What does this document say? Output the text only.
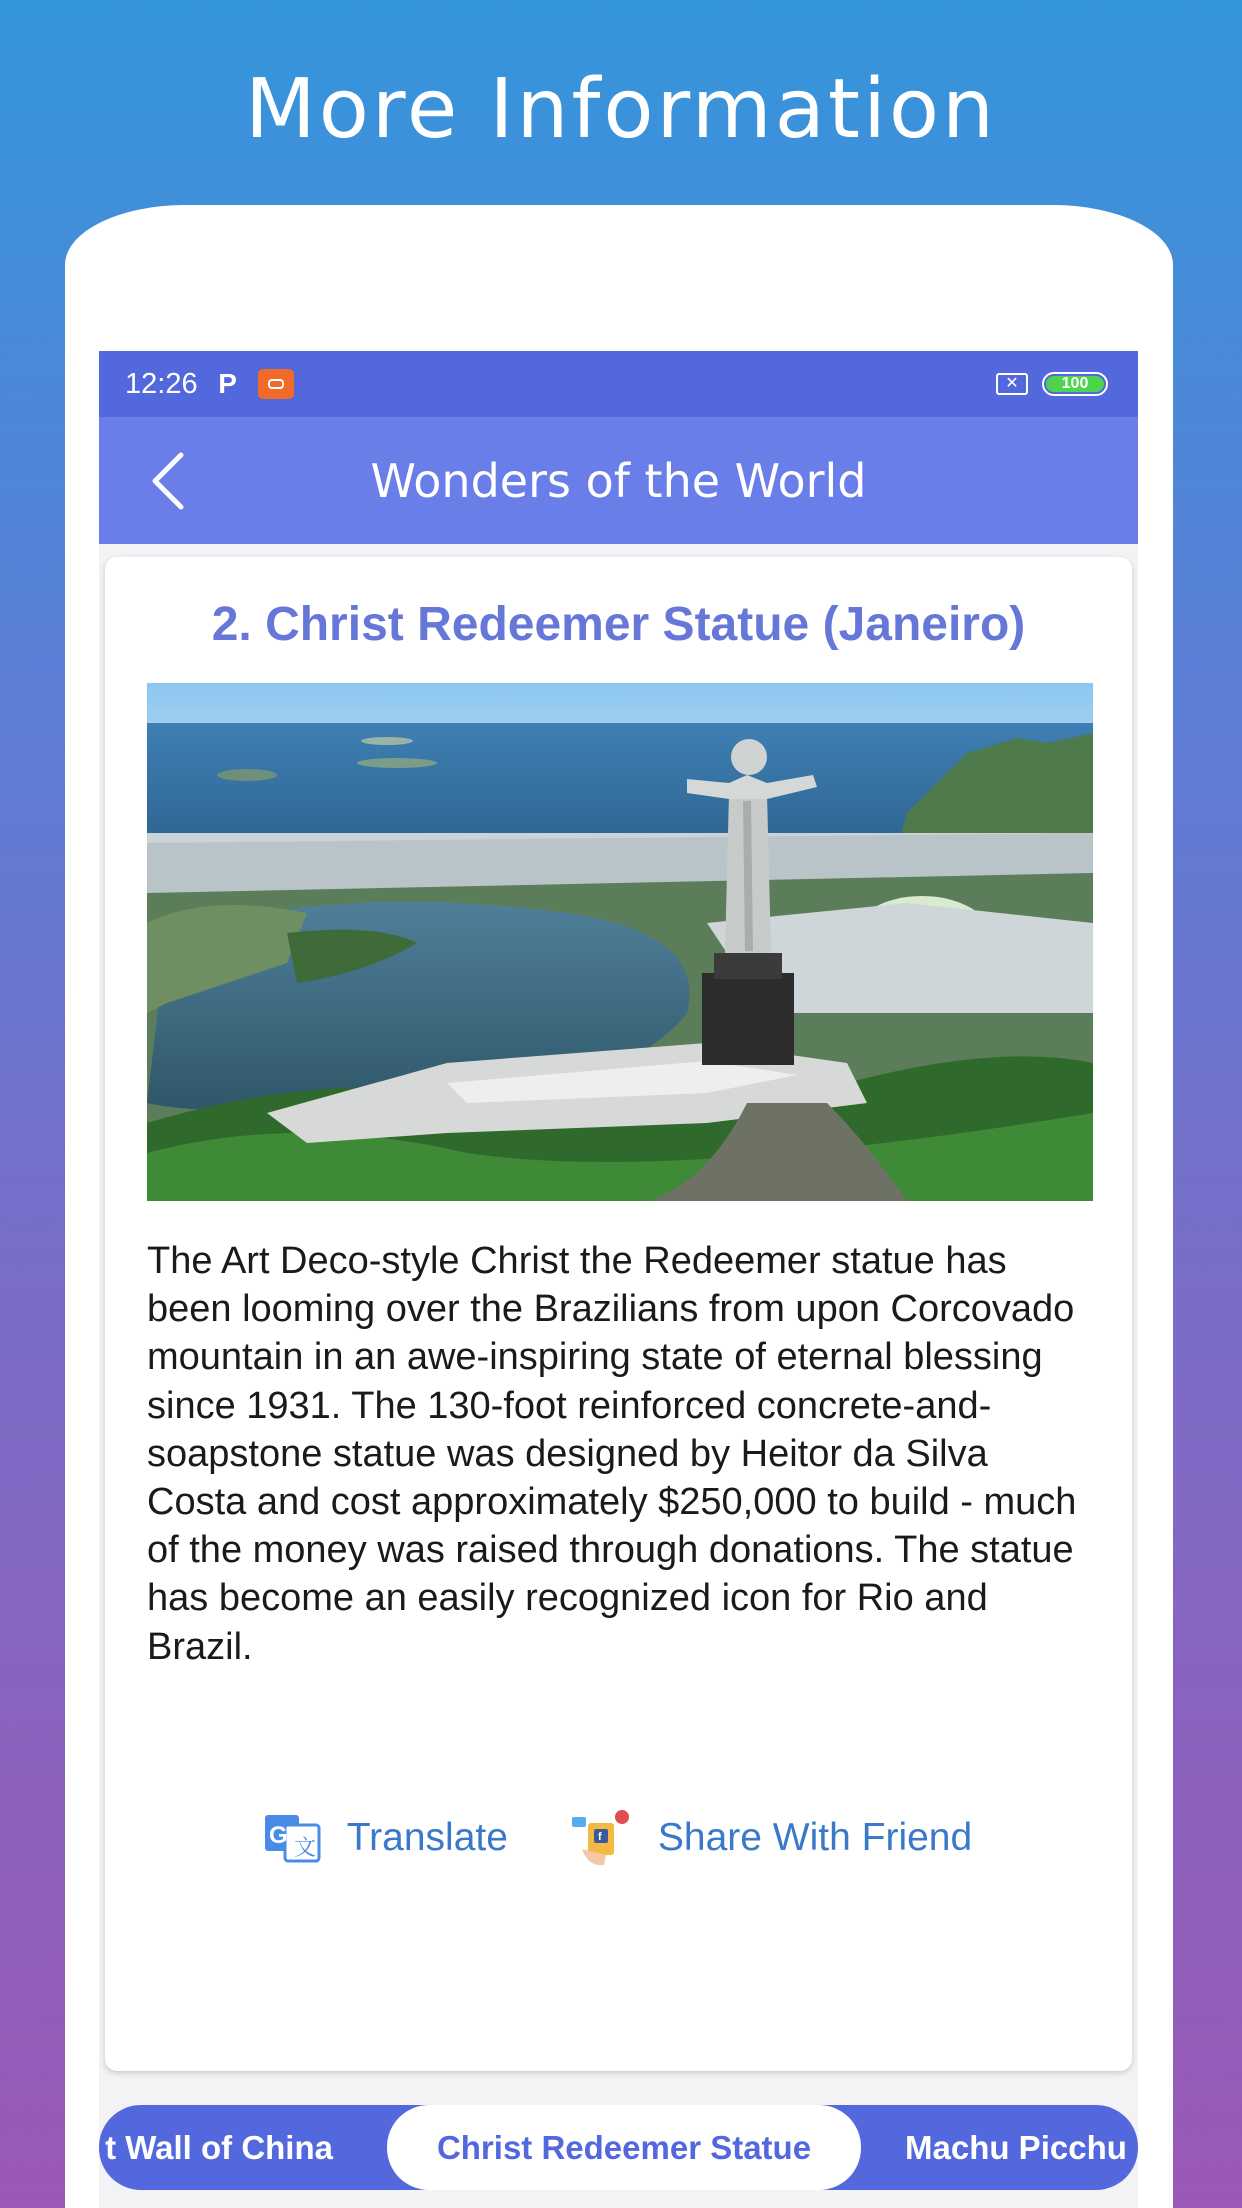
More Information
12:26 P	✕	100
Wonders of the World
2. Christ Redeemer Statue (Janeiro)
The Art Deco-style Christ the Redeemer statue has been looming over the Brazilians from upon Corcovado mountain in an awe-inspiring state of eternal blessing since 1931. The 130-foot reinforced concrete-and-soapstone statue was designed by Heitor da Silva Costa and cost approximately $250,000 to build - much of the money was raised through donations. The statue has become an easily recognized icon for Rio and Brazil.
G 文 Translate	f Share With Friend
t Wall of China	Christ Redeemer Statue	Machu Picchu
